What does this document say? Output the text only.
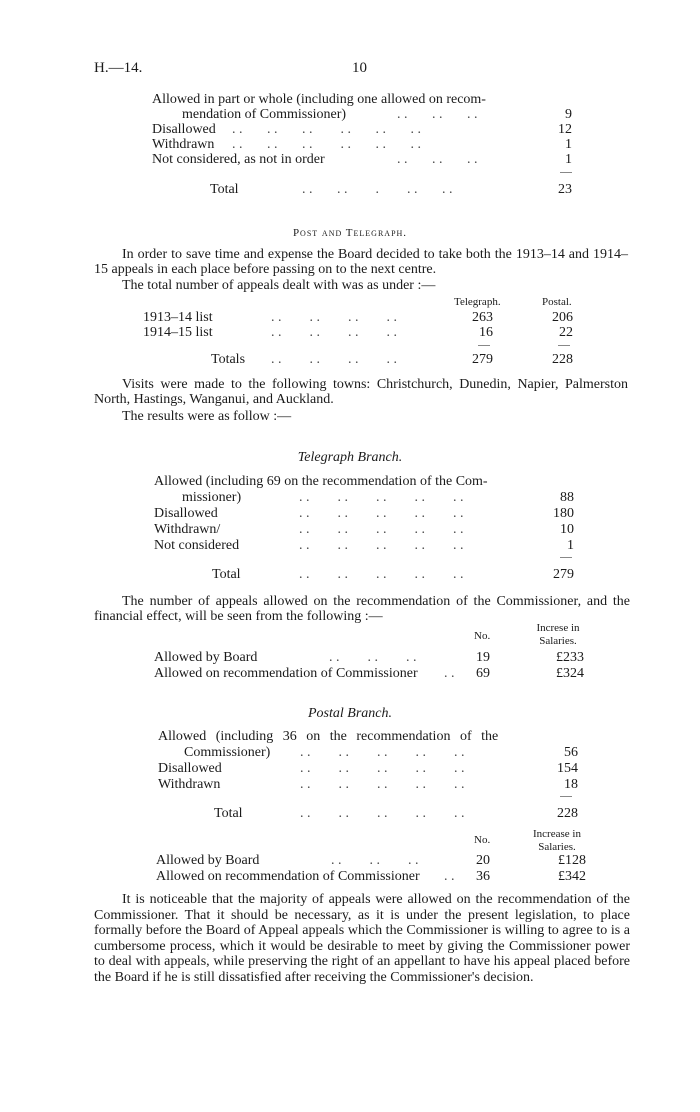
H.—14.	10
Allowed in part or whole (including one allowed on recom-
mendation of Commissioner)	. .       . .       . .	9
Disallowed . .       . .       . .        . .       . .       . .	12
Withdrawn . .       . .       . .        . .       . .       . .	1
Not considered, as not in order	. .       . .       . .	1
Total	. .       . .        .        . .       . .	23
Post and Telegraph.
In order to save time and expense the Board decided to take both the 1913–14 and 1914–15 appeals in each place before passing on to the next centre.
The total number of appeals dealt with was as under :—
Telegraph.	Postal.
1913–14 list	. .        . .        . .        . .	263	206
1914–15 list	. .        . .        . .        . .	16	22
Totals . .        . .        . .        . .	279	228
Visits were made to the following towns: Christchurch, Dunedin, Napier, Palmerston North, Hastings, Wanganui, and Auckland.
The results were as follow :—
Telegraph Branch.
Allowed (including 69 on the recommendation of the Com-
missioner)	. .        . .        . .        . .        . .	88
Disallowed	. .        . .        . .        . .        . .	180
Withdrawn/	. .        . .        . .        . .        . .	10
Not considered	. .        . .        . .        . .        . .	1
Total	. .        . .        . .        . .        . .	279
The number of appeals allowed on the recommendation of the Commissioner, and the financial effect, will be seen from the following :—
No.
Increse in Salaries.
Allowed by Board	. .        . .        . .	19	£233
Allowed on recommendation of Commissioner . .	69	£324
Postal Branch.
Allowed (including 36 on the recommendation of the
Commissioner) . .        . .        . .        . .        . .	56
Disallowed	. .        . .        . .        . .        . .	154
Withdrawn	. .        . .        . .        . .        . .	18
Total	. .        . .        . .        . .        . .	228
No.	Increase in Salaries.
Allowed by Board	. .        . .        . .	20	£128
Allowed on recommendation of Commissioner . .	36	£342
It is noticeable that the majority of appeals were allowed on the recommendation of the Commissioner. That it should be necessary, as it is under the present legislation, to place formally before the Board of Appeal appeals which the Commissioner is willing to agree to is a cumbersome process, which it would be desirable to meet by giving the Commissioner power to deal with appeals, while preserving the right of an appellant to have his appeal placed before the Board if he is still dissatisfied after receiving the Commissioner's decision.
